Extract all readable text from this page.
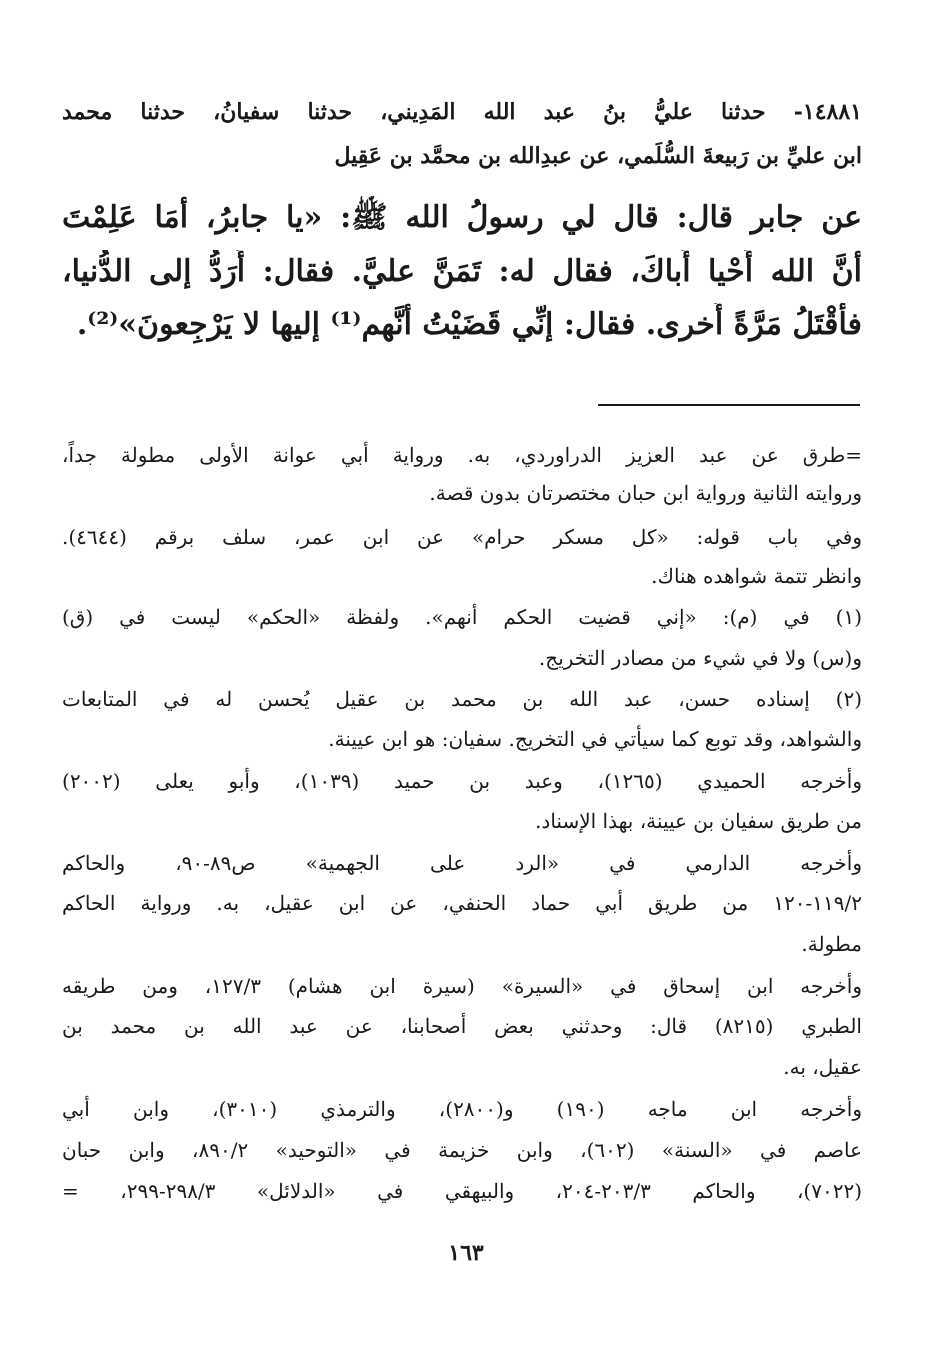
١٤٨٨١- حدثنا عليُّ بنُ عبد الله المَدِيني، حدثنا سفيانُ، حدثنا محمد
ابن عليِّ بن رَبيعةَ السُّلَمي، عن عبدِالله بن محمَّد بن عَقِيل
عن جابر قال: قال لي رسولُ الله ﷺ: «يا جابرُ، أمَا عَلِمْتَ
أنَّ الله أَحْيا أَباكَ، فقال له: تَمَنَّ عليَّ. فقال: أُرَدُّ إلى الدُّنيا،
فأُقْتَلُ مَرَّةً أُخرى. فقال: إنِّي قَضَيْتُ أنَّهم⁽¹⁾ إليها لا يَرْجِعونَ»⁽²⁾.
=طرق عن عبد العزيز الدراوردي، به. ورواية أبي عوانة الأولى مطولة جداً،
وروايته الثانية ورواية ابن حبان مختصرتان بدون قصة.
وفي باب قوله: «كل مسكر حرام» عن ابن عمر، سلف برقم (٤٦٤٤).
وانظر تتمة شواهده هناك.
(١) في (م): «إني قضيت الحكم أنهم». ولفظة «الحكم» ليست في (ق)
و(س) ولا في شيء من مصادر التخريج.
(٢) إسناده حسن، عبد الله بن محمد بن عقيل يُحسن له في المتابعات
والشواهد، وقد توبع كما سيأتي في التخريج. سفيان: هو ابن عيينة.
وأخرجه الحميدي (١٢٦٥)، وعبد بن حميد (١٠٣٩)، وأبو يعلى (٢٠٠٢)
من طريق سفيان بن عيينة، بهذا الإسناد.
وأخرجه الدارمي في «الرد على الجهمية» ص٨٩-٩٠، والحاكم
١١٩/٢-١٢٠ من طريق أبي حماد الحنفي، عن ابن عقيل، به. ورواية الحاكم
مطولة.
وأخرجه ابن إسحاق في «السيرة» (سيرة ابن هشام) ١٢٧/٣، ومن طريقه
الطبري (٨٢١٥) قال: وحدثني بعض أصحابنا، عن عبد الله بن محمد بن
عقيل، به.
وأخرجه ابن ماجه (١٩٠) و(٢٨٠٠)، والترمذي (٣٠١٠)، وابن أبي
عاصم في «السنة» (٦٠٢)، وابن خزيمة في «التوحيد» ٨٩٠/٢، وابن حبان
(٧٠٢٢)، والحاكم ٢٠٣/٣-٢٠٤، والبيهقي في «الدلائل» ٢٩٨/٣-٢٩٩، =
١٦٣
